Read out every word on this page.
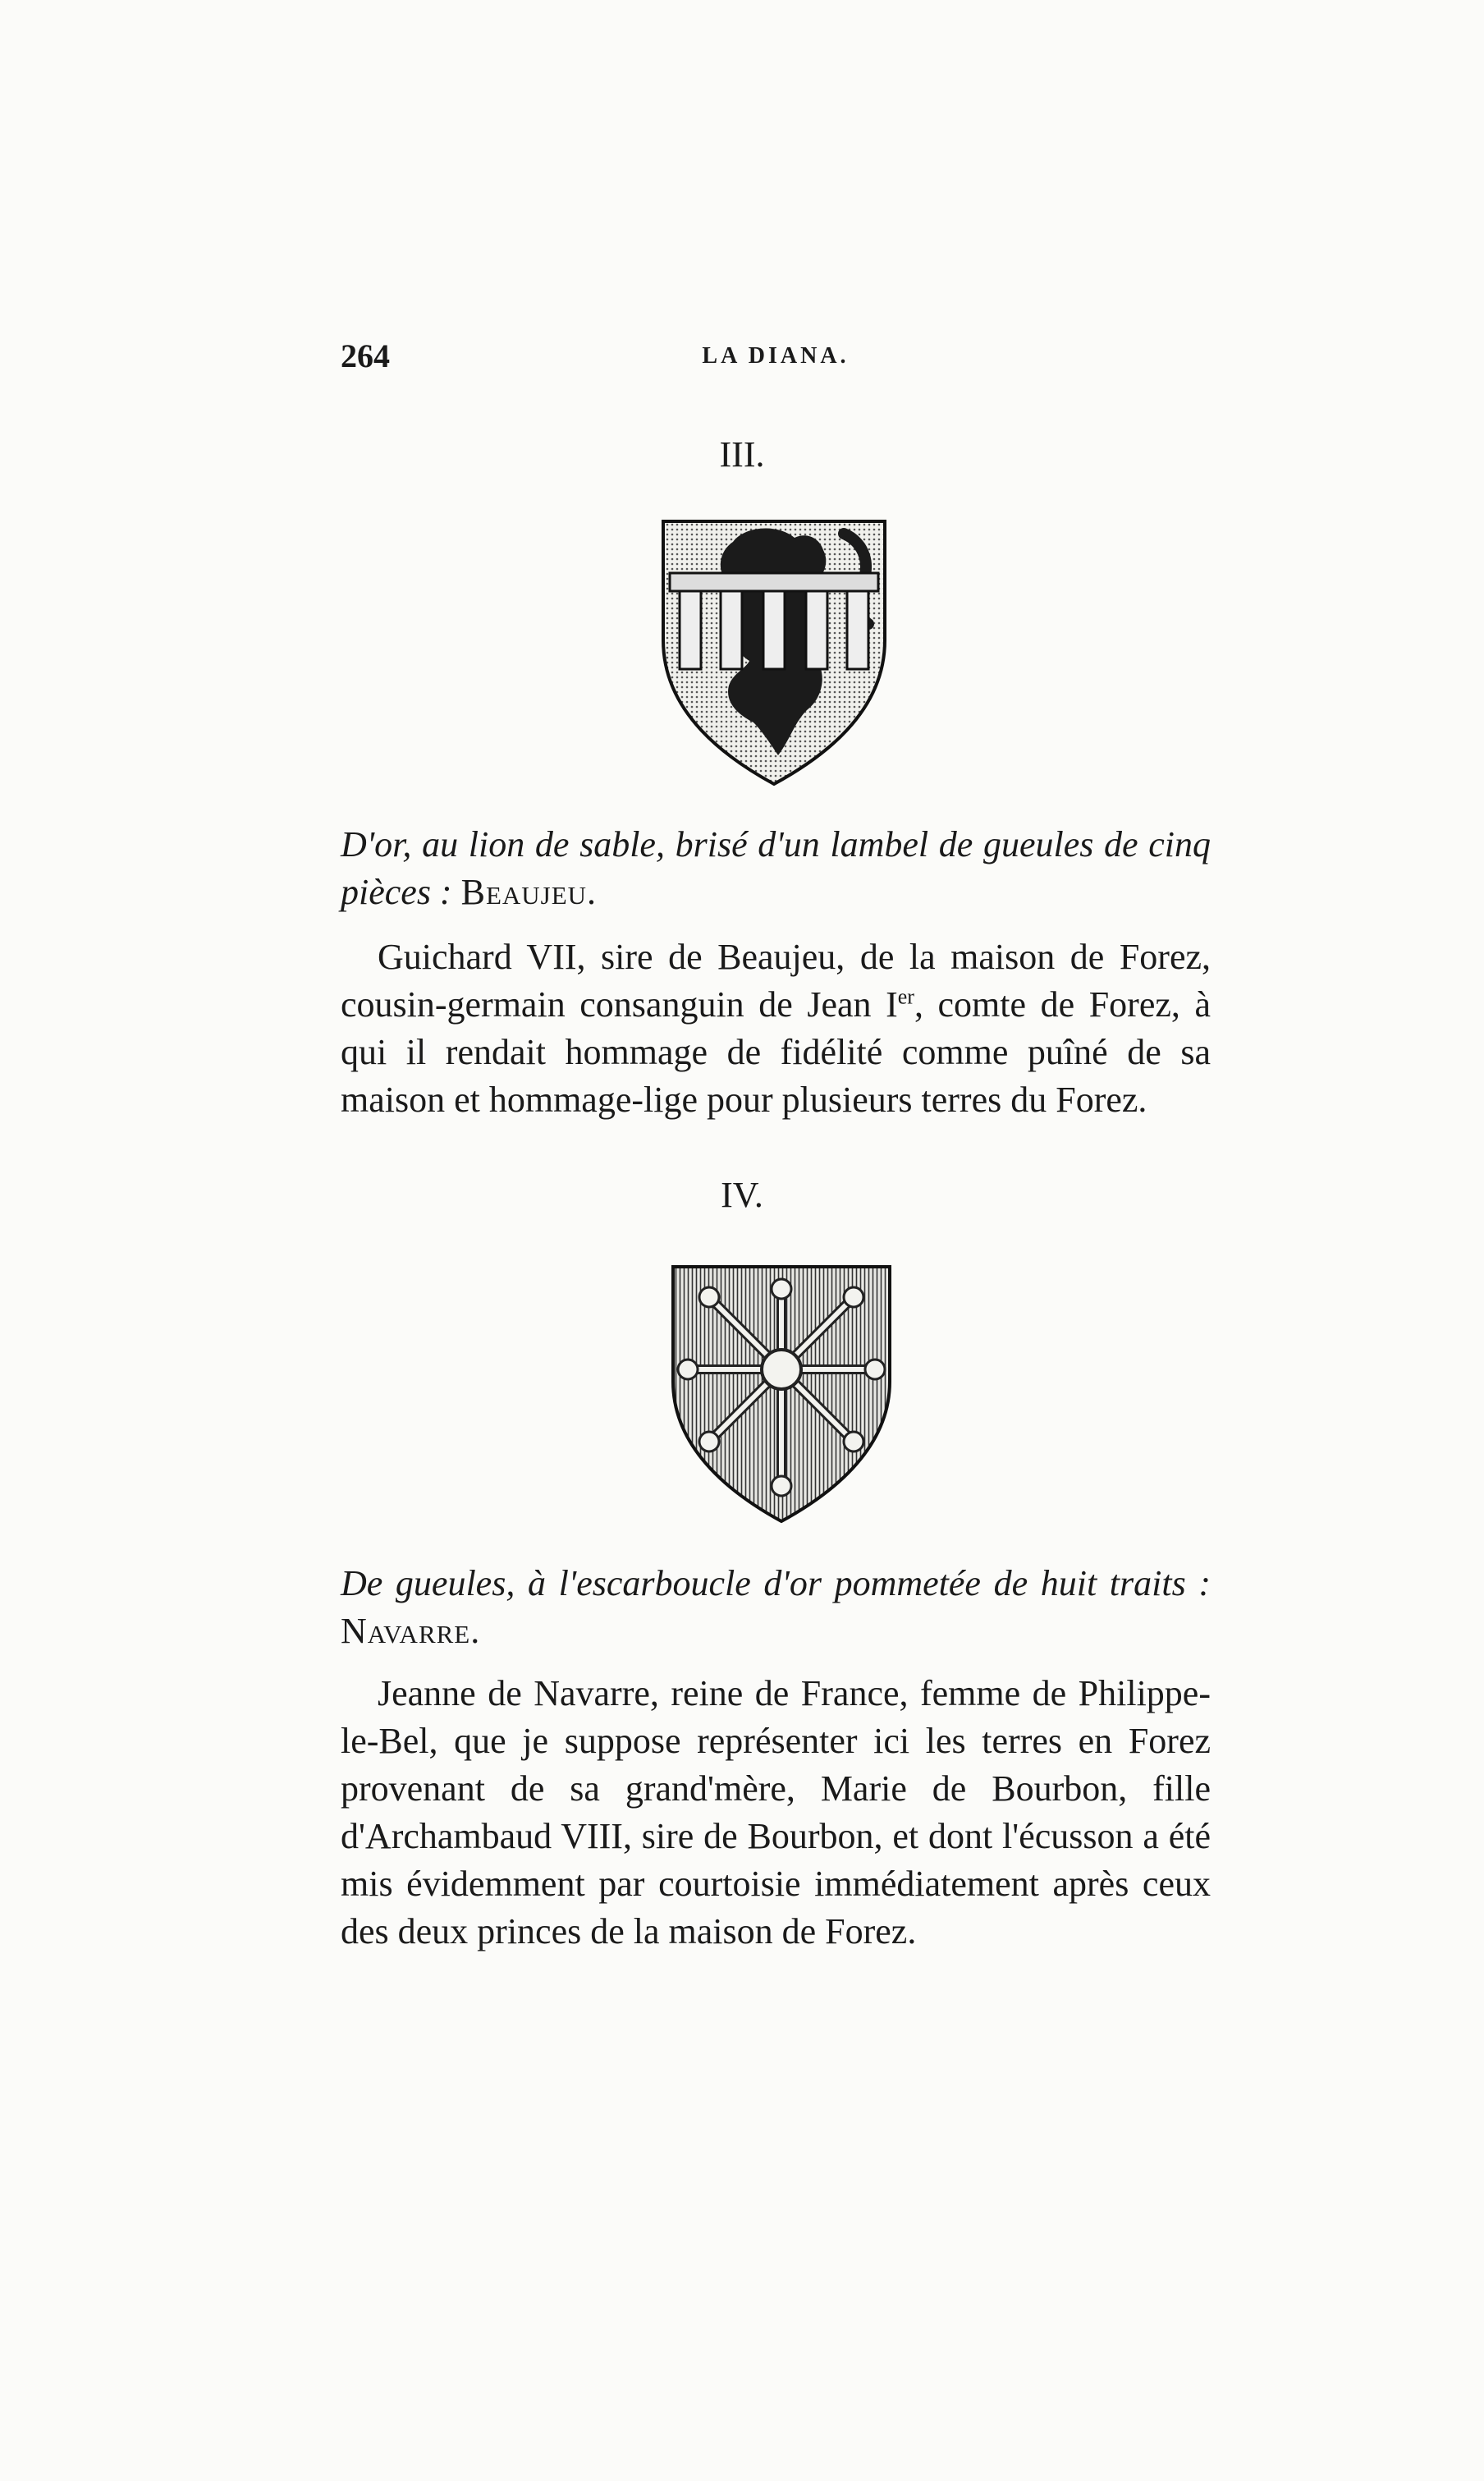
264	LA DIANA.
III.
D'or, au lion de sable, brisé d'un lambel de gueules de cinq pièces : Beaujeu.
Guichard VII, sire de Beaujeu, de la maison de Forez, cousin-germain consanguin de Jean Ier, comte de Forez, à qui il rendait hommage de fidélité comme puîné de sa maison et hommage-lige pour plusieurs terres du Forez.
IV.
De gueules, à l'escarboucle d'or pommetée de huit traits : Navarre.
Jeanne de Navarre, reine de France, femme de Philippe-le-Bel, que je suppose représenter ici les terres en Forez provenant de sa grand'mère, Marie de Bourbon, fille d'Archambaud VIII, sire de Bourbon, et dont l'écusson a été mis évidemment par courtoisie immédiatement après ceux des deux princes de la maison de Forez.
